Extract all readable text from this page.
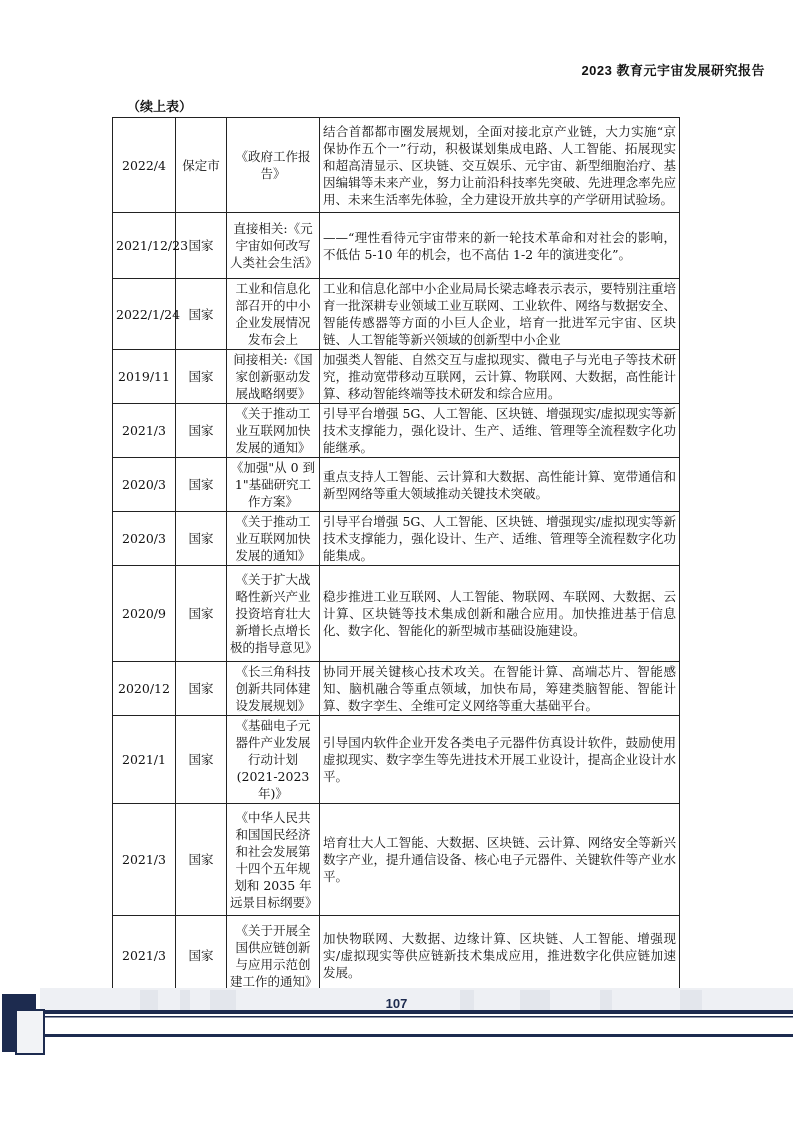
2023 教育元宇宙发展研究报告
（续上表）
2022/4	保定市	《政府工作报告》	结合首都都市圈发展规划，全面对接北京产业链，大力实施“京保协作五个一”行动，积极谋划集成电路、人工智能、拓展现实和超高清显示、区块链、交互娱乐、元宇宙、新型细胞治疗、基因编辑等未来产业，努力让前沿科技率先突破、先进理念率先应用、未来生活率先体验，全力建设开放共享的产学研用试验场。
2021/12/23	国家	直接相关:《元宇宙如何改写人类社会生活》	——“理性看待元宇宙带来的新一轮技术革命和对社会的影响，不低估 5-10 年的机会，也不高估 1-2 年的演进变化”。
2022/1/24	国家	工业和信息化部召开的中小企业发展情况发布会上	工业和信息化部中小企业局局长梁志峰表示表示，要特别注重培育一批深耕专业领域工业互联网、工业软件、网络与数据安全、智能传感器等方面的小巨人企业，培育一批进军元宇宙、区块链、人工智能等新兴领域的创新型中小企业
2019/11	国家	间接相关:《国家创新驱动发展战略纲要》	加强类人智能、自然交互与虚拟现实、微电子与光电子等技术研究，推动宽带移动互联网，云计算、物联网、大数据，高性能计算、移动智能终端等技术研发和综合应用。
2021/3	国家	《关于推动工业互联网加快发展的通知》	引导平台增强 5G、人工智能、区块链、增强现实/虚拟现实等新技术支撑能力，强化设计、生产、适维、管理等全流程数字化功能继承。
2020/3	国家	《加强"从 0 到 1"基础研究工作方案》	重点支持人工智能、云计算和大数据、高性能计算、宽带通信和新型网络等重大领域推动关键技术突破。
2020/3	国家	《关于推动工业互联网加快发展的通知》	引导平台增强 5G、人工智能、区块链、增强现实/虚拟现实等新技术支撑能力，强化设计、生产、适维、管理等全流程数字化功能集成。
2020/9	国家	《关于扩大战略性新兴产业投资培育壮大新增长点增长极的指导意见》	稳步推进工业互联网、人工智能、物联网、车联网、大数据、云计算、区块链等技术集成创新和融合应用。加快推进基于信息化、数字化、智能化的新型城市基础设施建设。
2020/12	国家	《长三角科技创新共同体建设发展规划》	协同开展关键核心技术攻关。在智能计算、高端芯片、智能感知、脑机融合等重点领域，加快布局，筹建类脑智能、智能计算、数字孪生、全维可定义网络等重大基础平台。
2021/1	国家	《基础电子元器件产业发展行动计划(2021-2023年)》	引导国内软件企业开发各类电子元器件仿真设计软件，鼓励使用虚拟现实、数字孪生等先进技术开展工业设计，提高企业设计水平。
2021/3	国家	《中华人民共和国国民经济和社会发展第十四个五年规划和 2035 年远景目标纲要》	培育壮大人工智能、大数据、区块链、云计算、网络安全等新兴数字产业，提升通信设备、核心电子元器件、关键软件等产业水平。
2021/3	国家	《关于开展全国供应链创新与应用示范创建工作的通知》	加快物联网、大数据、边缘计算、区块链、人工智能、增强现实/虚拟现实等供应链新技术集成应用，推进数字化供应链加速发展。
107
